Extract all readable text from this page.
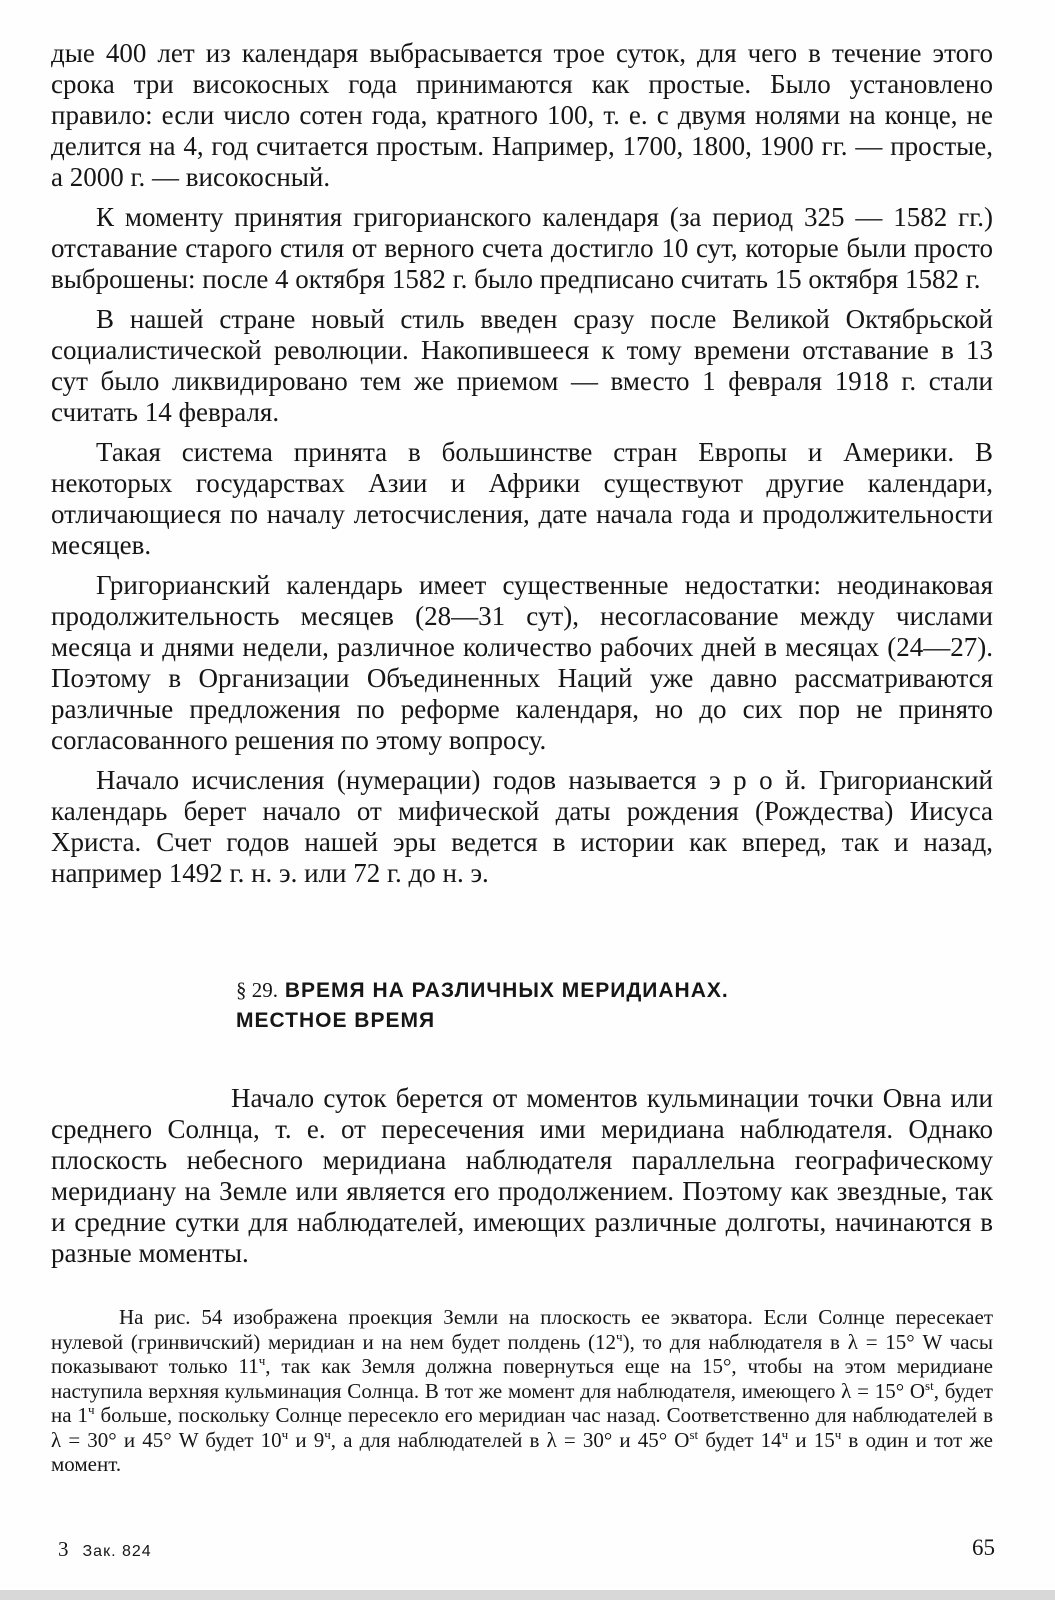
дые 400 лет из календаря выбрасывается трое суток, для чего в течение этого срока три високосных года принимаются как простые. Было установлено правило: если число сотен года, кратного 100, т. е. с двумя нолями на конце, не делится на 4, год считается простым. Например, 1700, 1800, 1900 гг. — простые, а 2000 г. — високосный.

К моменту принятия григорианского календаря (за период 325 — 1582 гг.) отставание старого стиля от верного счета достигло 10 сут, которые были просто выброшены: после 4 октября 1582 г. было предписано считать 15 октября 1582 г.

В нашей стране новый стиль введен сразу после Великой Октябрьской социалистической революции. Накопившееся к тому времени отставание в 13 сут было ликвидировано тем же приемом — вместо 1 февраля 1918 г. стали считать 14 февраля.

Такая система принята в большинстве стран Европы и Америки. В некоторых государствах Азии и Африки существуют другие календари, отличающиеся по началу летосчисления, дате начала года и продолжительности месяцев.

Григорианский календарь имеет существенные недостатки: неодинаковая продолжительность месяцев (28—31 сут), несогласование между числами месяца и днями недели, различное количество рабочих дней в месяцах (24—27). Поэтому в Организации Объединенных Наций уже давно рассматриваются различные предложения по реформе календаря, но до сих пор не принято согласованного решения по этому вопросу.

Начало исчисления (нумерации) годов называется э р о й. Григорианский календарь берет начало от мифической даты рождения (Рождества) Иисуса Христа. Счет годов нашей эры ведется в истории как вперед, так и назад, например 1492 г. н. э. или 72 г. до н. э.

§ 29. ВРЕМЯ НА РАЗЛИЧНЫХ МЕРИДИАНАХ.
МЕСТНОЕ ВРЕМЯ

Начало суток берется от моментов кульминации точки Овна или среднего Солнца, т. е. от пересечения ими меридиана наблюдателя. Однако плоскость небесного меридиана наблюдателя параллельна географическому меридиану на Земле или является его продолжением. Поэтому как звездные, так и средние сутки для наблюдателей, имеющих различные долготы, начинаются в разные моменты.

На рис. 54 изображена проекция Земли на плоскость ее экватора. Если Солнце пересекает нулевой (гринвичский) меридиан и на нем будет полдень $(12^ч)$, то для наблюдателя в λ = 15° W часы показывают только $11^ч$, так как Земля должна повернуться еще на 15°, чтобы на этом меридиане наступила верхняя кульминация Солнца. В тот же момент для наблюдателя, имеющего λ = 15° $O^{st}$, будет на $1^ч$ больше, поскольку Солнце пересекло его меридиан час назад. Соответственно для наблюдателей в λ = 30° и 45° W будет $10^ч$ и $9^ч$, а для наблюдателей в λ = 30° и 45° $O^{st}$ будет $14^ч$ и $15^ч$ в один и тот же момент.

3 Зак. 824	65
